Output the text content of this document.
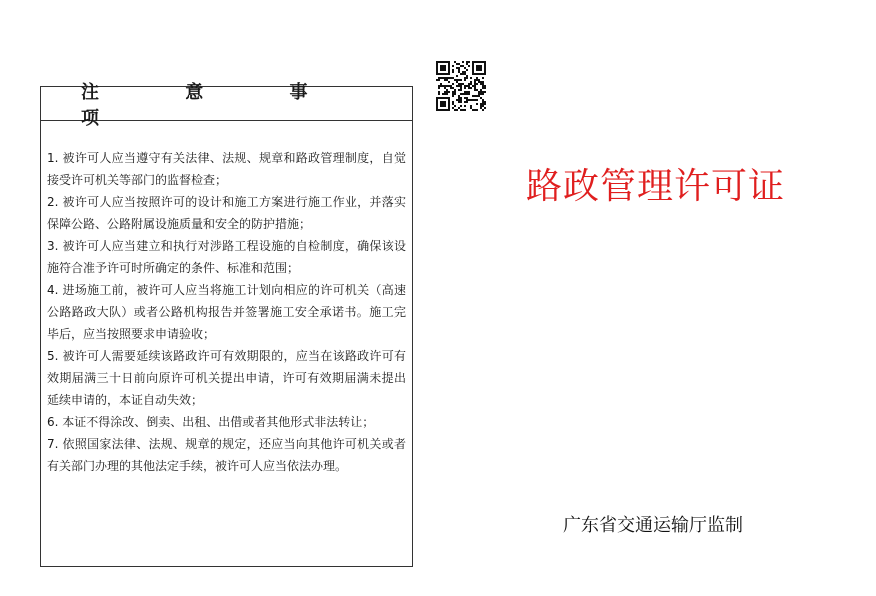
注 意 事 项

1. 被许可人应当遵守有关法律、法规、规章和路政管理制度，自觉接受许可机关等部门的监督检查；

2. 被许可人应当按照许可的设计和施工方案进行施工作业，并落实保障公路、公路附属设施质量和安全的防护措施；

3. 被许可人应当建立和执行对涉路工程设施的自检制度，确保该设施符合准予许可时所确定的条件、标准和范围；

4. 进场施工前，被许可人应当将施工计划向相应的许可机关（高速公路路政大队）或者公路机构报告并签署施工安全承诺书。施工完毕后，应当按照要求申请验收；

5. 被许可人需要延续该路政许可有效期限的，应当在该路政许可有效期届满三十日前向原许可机关提出申请，许可有效期届满未提出延续申请的，本证自动失效；

6. 本证不得涂改、倒卖、出租、出借或者其他形式非法转让；

7. 依照国家法律、法规、规章的规定，还应当向其他许可机关或者有关部门办理的其他法定手续，被许可人应当依法办理。

路政管理许可证
广东省交通运输厅监制
